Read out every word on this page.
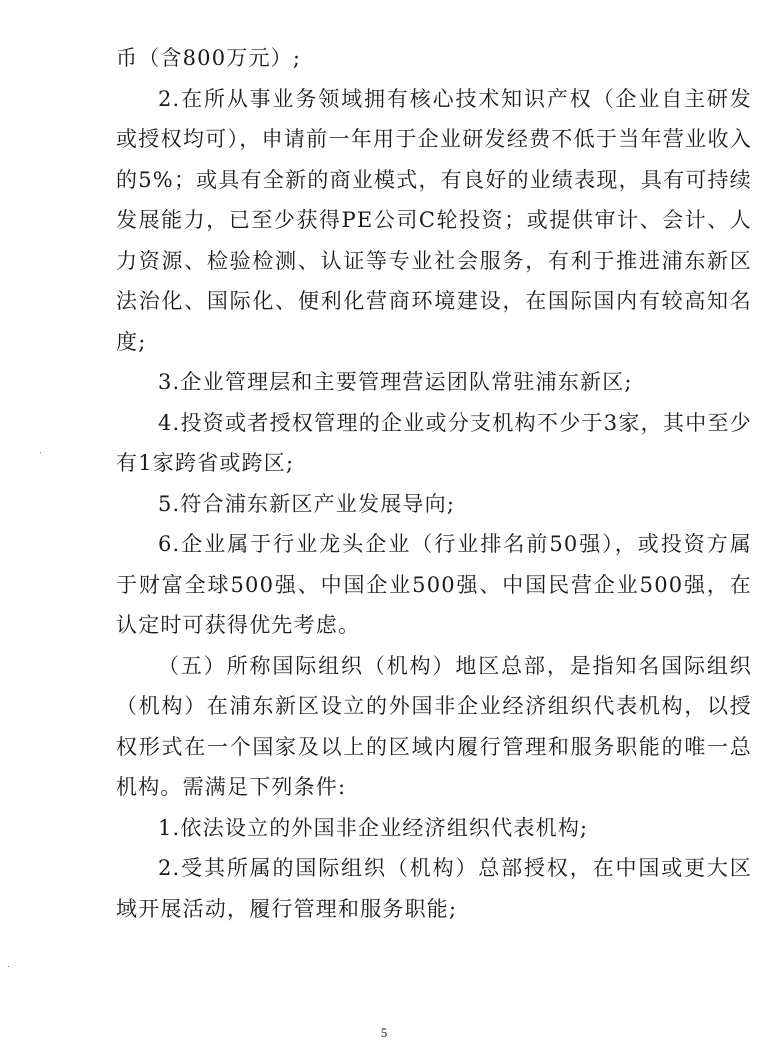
币（含800万元）;

2.在所从事业务领域拥有核心技术知识产权（企业自主研发或授权均可），申请前一年用于企业研发经费不低于当年营业收入的5%；或具有全新的商业模式，有良好的业绩表现，具有可持续发展能力，已至少获得PE公司C轮投资；或提供审计、会计、人力资源、检验检测、认证等专业社会服务，有利于推进浦东新区法治化、国际化、便利化营商环境建设，在国际国内有较高知名度;

3.企业管理层和主要管理营运团队常驻浦东新区;

4.投资或者授权管理的企业或分支机构不少于3家，其中至少有1家跨省或跨区;

5.符合浦东新区产业发展导向;

6.企业属于行业龙头企业（行业排名前50强），或投资方属于财富全球500强、中国企业500强、中国民营企业500强，在认定时可获得优先考虑。

（五）所称国际组织（机构）地区总部，是指知名国际组织（机构）在浦东新区设立的外国非企业经济组织代表机构，以授权形式在一个国家及以上的区域内履行管理和服务职能的唯一总机构。需满足下列条件:

1.依法设立的外国非企业经济组织代表机构;

2.受其所属的国际组织（机构）总部授权，在中国或更大区域开展活动，履行管理和服务职能;

5
